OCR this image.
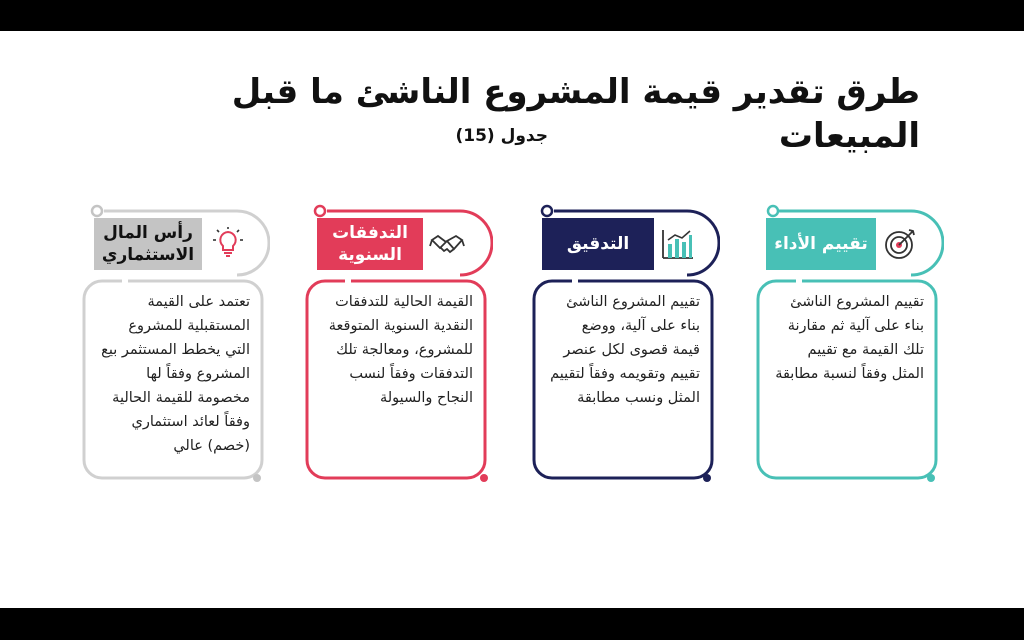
طرق تقدير قيمة المشروع الناشئ ما قبل المبيعات
جدول (15)
رأس المال الاستثماري
تعتمد على القيمة المستقبلية للمشروع التي يخطط المستثمر بيع المشروع وفقاً لها مخصومة للقيمة الحالية وفقاً لعائد استثماري (خصم) عالي
التدفقات السنوية
القيمة الحالية للتدفقات النقدية السنوية المتوقعة للمشروع، ومعالجة تلك التدفقات وفقاً لنسب النجاح والسيولة
التدقيق
تقييم المشروع الناشئ بناء على آلية، ووضع قيمة قصوى لكل عنصر تقييم وتقويمه وفقاً لتقييم المثل ونسب مطابقة
تقييم الأداء
تقييم المشروع الناشئ بناء على آلية ثم مقارنة تلك القيمة مع تقييم المثل وفقاً لنسبة مطابقة
